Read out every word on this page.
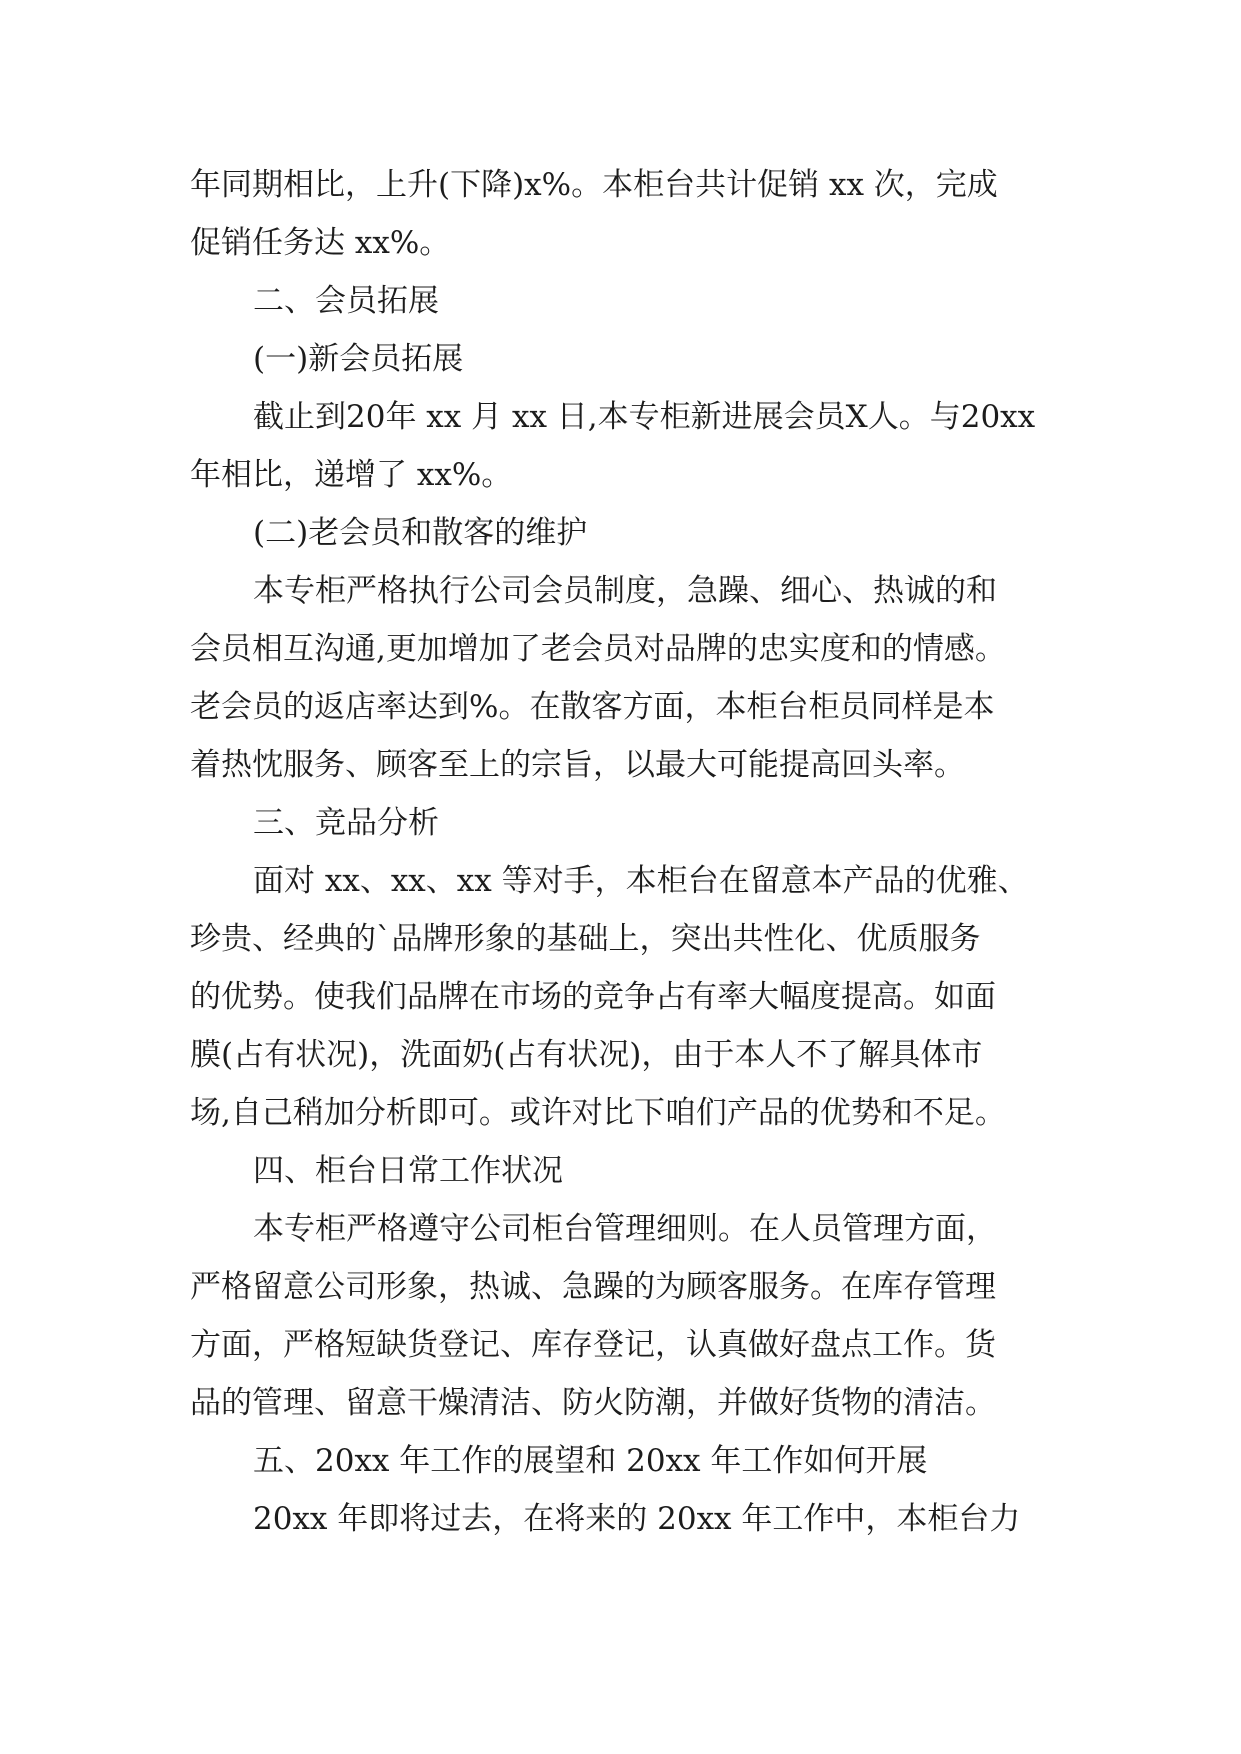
年同期相比，上升(下降)x%。本柜台共计促销 xx 次，完成
促销任务达 xx%。
二、会员拓展
(一)新会员拓展
截止到20年 xx 月 xx 日,本专柜新进展会员X人。与20xx
年相比，递增了 xx%。
(二)老会员和散客的维护
本专柜严格执行公司会员制度，急躁、细心、热诚的和
会员相互沟通,更加增加了老会员对品牌的忠实度和的情感。
老会员的返店率达到%。在散客方面，本柜台柜员同样是本
着热忱服务、顾客至上的宗旨，以最大可能提高回头率。
三、竞品分析
面对 xx、xx、xx 等对手，本柜台在留意本产品的优雅、
珍贵、经典的`品牌形象的基础上，突出共性化、优质服务
的优势。使我们品牌在市场的竞争占有率大幅度提高。如面
膜(占有状况)，洗面奶(占有状况)，由于本人不了解具体市
场,自己稍加分析即可。或许对比下咱们产品的优势和不足。
四、柜台日常工作状况
本专柜严格遵守公司柜台管理细则。在人员管理方面，
严格留意公司形象，热诚、急躁的为顾客服务。在库存管理
方面，严格短缺货登记、库存登记，认真做好盘点工作。货
品的管理、留意干燥清洁、防火防潮，并做好货物的清洁。
五、20xx 年工作的展望和 20xx 年工作如何开展
20xx 年即将过去，在将来的 20xx 年工作中，本柜台力
